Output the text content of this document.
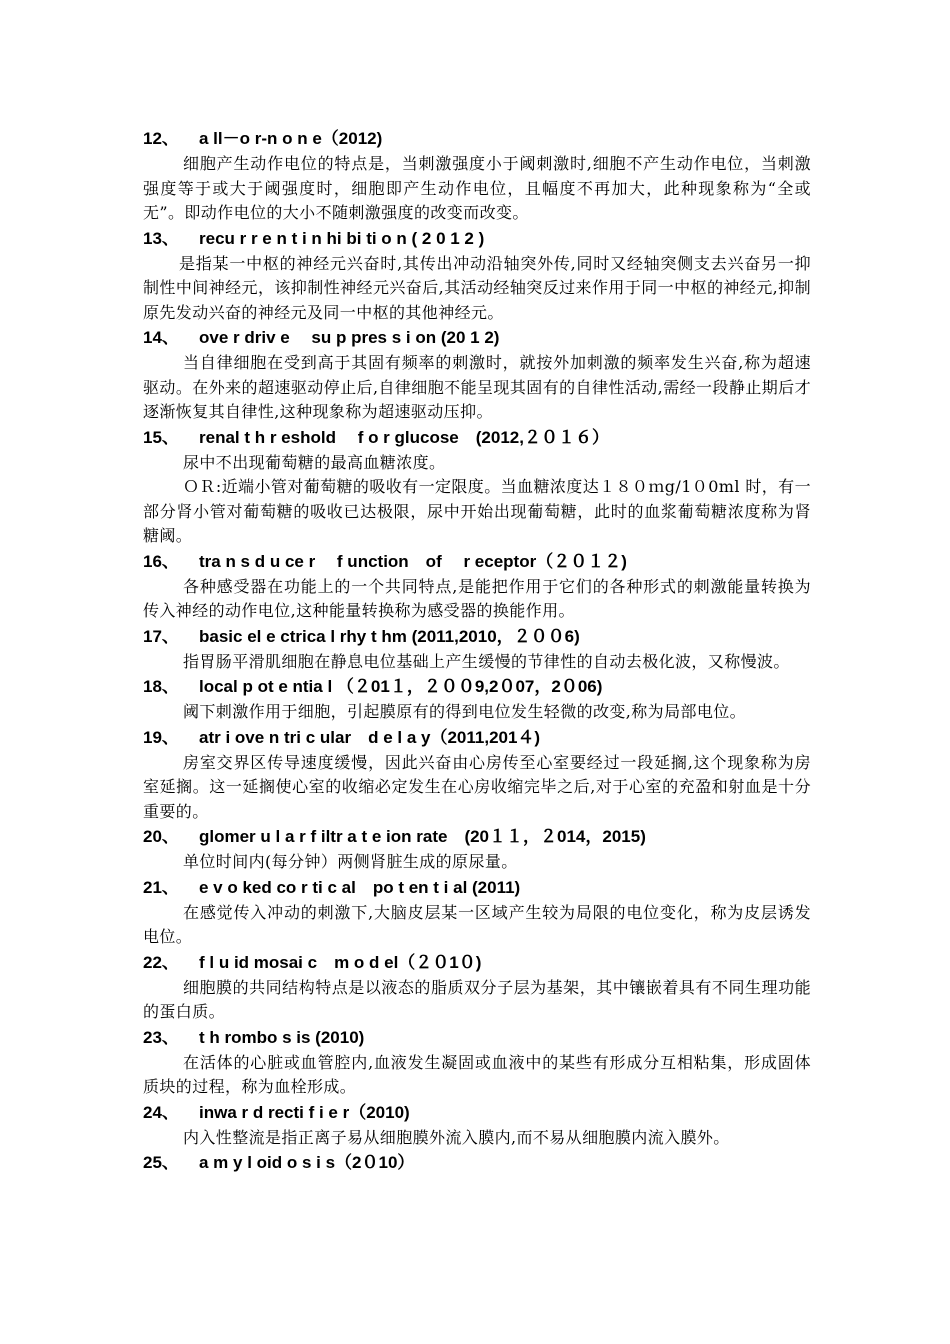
12、	a ll－o r-n o n e（2012)

细胞产生动作电位的特点是，当刺激强度小于阈刺激时,细胞不产生动作电位，当刺激强度等于或大于阈强度时，细胞即产生动作电位，且幅度不再加大，此种现象称为“全或无”。即动作电位的大小不随刺激强度的改变而改变。

13、	recu r r e n t i n hi bi ti o n ( 2 0 1 2 )

是指某一中枢的神经元兴奋时,其传出冲动沿轴突外传,同时又经轴突侧支去兴奋另一抑制性中间神经元，该抑制性神经元兴奋后,其活动经轴突反过来作用于同一中枢的神经元,抑制原先发动兴奋的神经元及同一中枢的其他神经元。

14、	ove r driv e　 su p pres s i on (20 1 2)

当自律细胞在受到高于其固有频率的刺激时，就按外加刺激的频率发生兴奋,称为超速驱动。在外来的超速驱动停止后,自律细胞不能呈现其固有的自律性活动,需经一段静止期后才逐渐恢复其自律性,这种现象称为超速驱动压抑。

15、	renal t h r eshold　 f o r glucose　(2012,２０１６）

尿中不出现葡萄糖的最高血糖浓度。

ＯＲ:近端小管对葡萄糖的吸收有一定限度。当血糖浓度达１８０ｍg/1０0ml 时，有一部分肾小管对葡萄糖的吸收已达极限，尿中开始出现葡萄糖，此时的血浆葡萄糖浓度称为肾糖阈。

16、	tra n s d u ce r　 f unction　of　 r eceptor（２０１２)

各种感受器在功能上的一个共同特点,是能把作用于它们的各种形式的刺激能量转换为传入神经的动作电位,这种能量转换称为感受器的换能作用。

17、	basic el e ctrica l rhy t hm (2011,2010，２００6)

指胃肠平滑肌细胞在静息电位基础上产生缓慢的节律性的自动去极化波，又称慢波。

18、	local p ot e ntia l （２01１，２００9,2０07，2０06)

阈下刺激作用于细胞，引起膜原有的得到电位发生轻微的改变,称为局部电位。

19、	atr i ove n tri c ular　d e l a y（2011,201４)

房室交界区传导速度缓慢，因此兴奋由心房传至心室要经过一段延搁,这个现象称为房室延搁。这一延搁使心室的收缩必定发生在心房收缩完毕之后,对于心室的充盈和射血是十分重要的。

20、	glomer u l a r f iltr a t e ion rate　(20１１，２014，2015)

单位时间内(每分钟）两侧肾脏生成的原尿量。

21、	e v o ked co r ti c al　po t en t i al (2011)

在感觉传入冲动的刺激下,大脑皮层某一区域产生较为局限的电位变化，称为皮层诱发电位。

22、	f l u id mosai c　m o d el（２０1０)

细胞膜的共同结构特点是以液态的脂质双分子层为基架，其中镶嵌着具有不同生理功能的蛋白质。

23、	t h rombo s is (2010)

在活体的心脏或血管腔内,血液发生凝固或血液中的某些有形成分互相粘集，形成固体质块的过程，称为血栓形成。

24、	inwa r d recti f i e r（2010)

内入性整流是指正离子易从细胞膜外流入膜内,而不易从细胞膜内流入膜外。

25、	a m y l oid o s i s（2０10）
